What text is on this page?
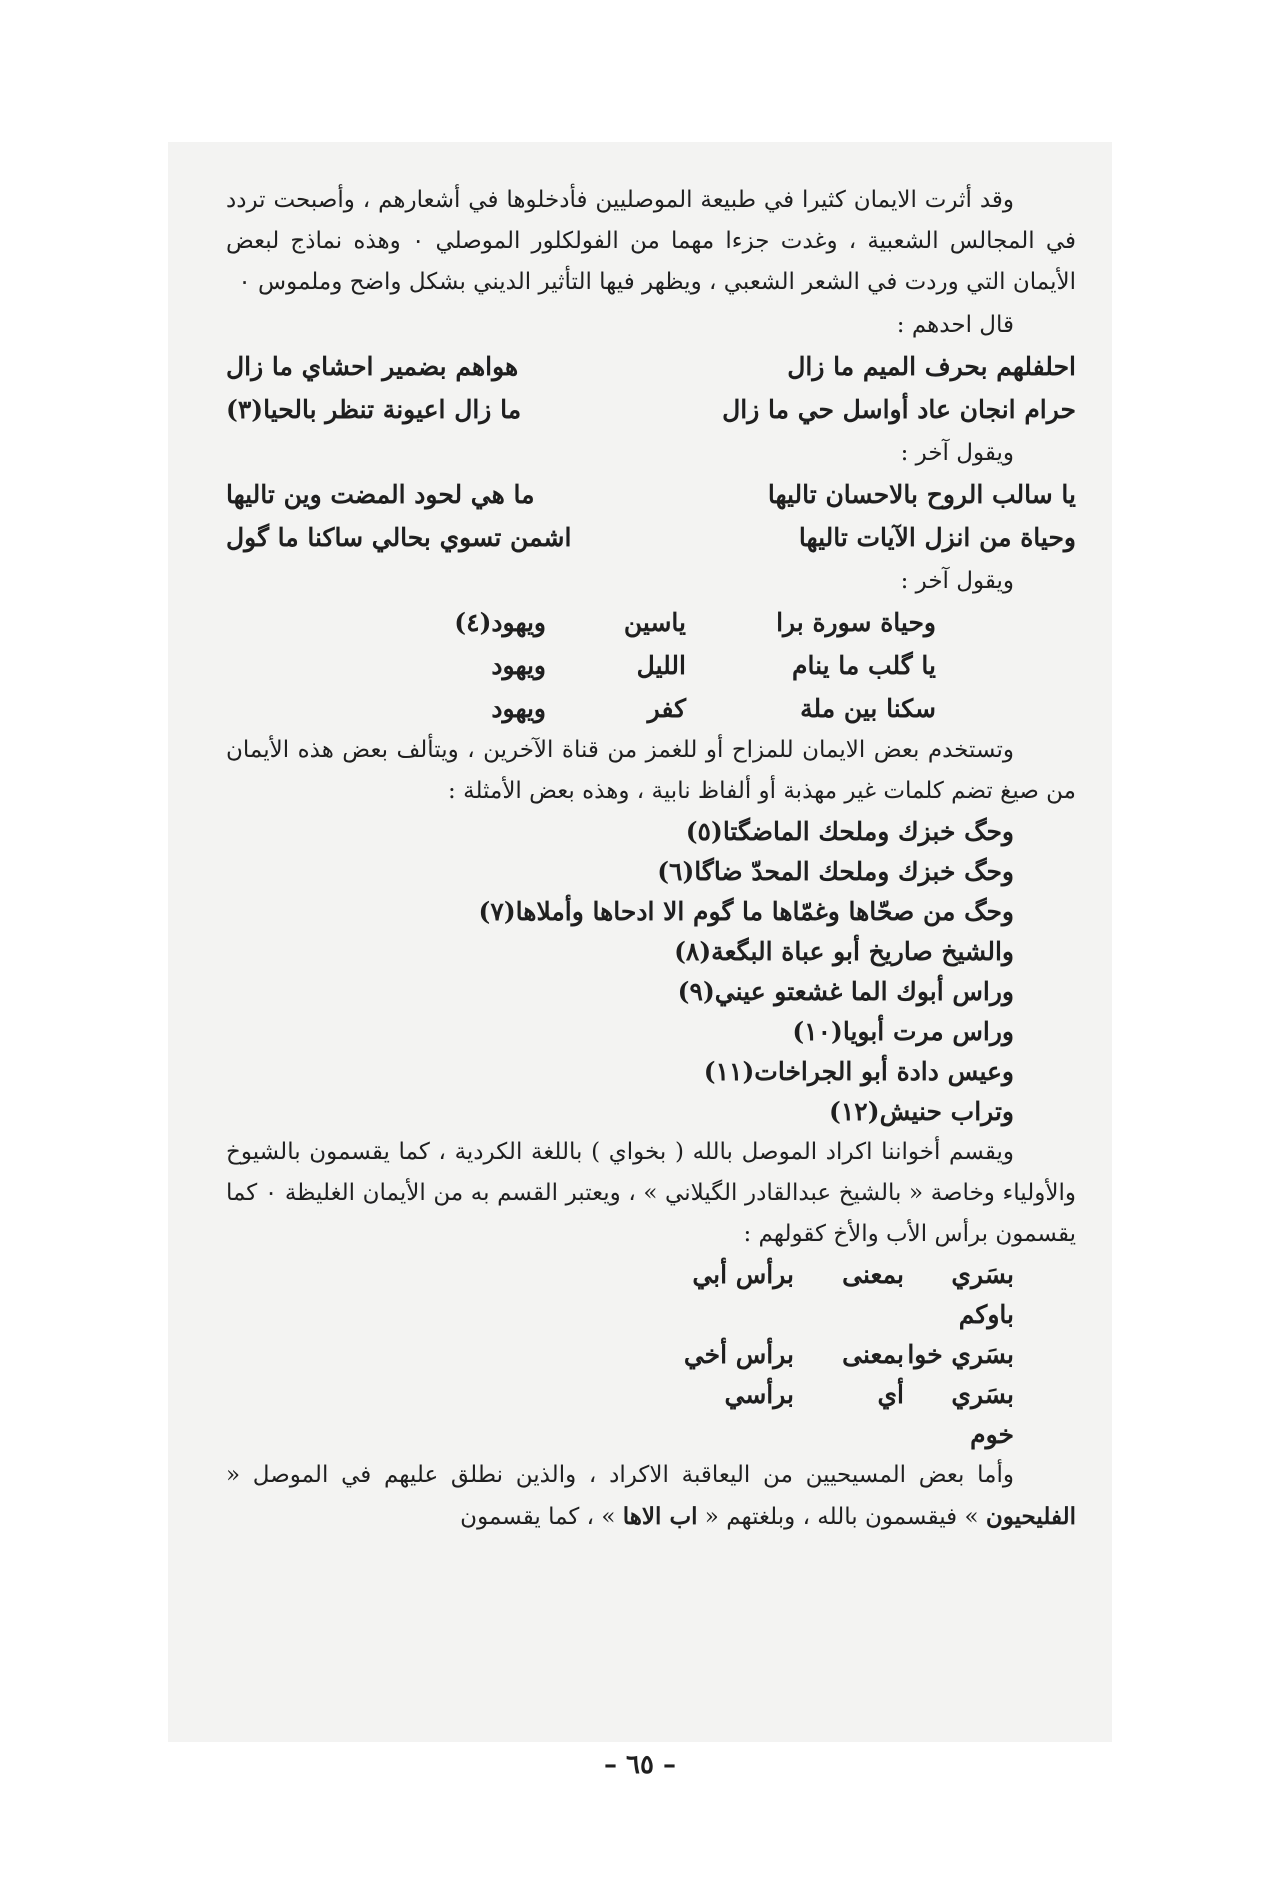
وقد أثرت الايمان كثيرا في طبيعة الموصليين فأدخلوها في أشعارهم ، وأصبحت تردد في المجالس الشعبية ، وغدت جزءا مهما من الفولكلور الموصلي ٠ وهذه نماذج لبعض الأيمان التي وردت في الشعر الشعبي ، ويظهر فيها التأثير الديني بشكل واضح وملموس ٠

قال احدهم :
احلفلهم بحرف الميم ما زال
هواهم بضمير احشاي ما زال
حرام انجان عاد أواسل حي ما زال
ما زال اعيونة تنظر بالحيا(٣)
ويقول آخر :
يا سالب الروح بالاحسان تاليها
ما هي لحود المضت وين تاليها
وحياة من انزل الآيات تاليها
اشمن تسوي بحالي ساكنا ما گول
ويقول آخر :
وحياة سورة برا
ياسين
ويهود(٤)
يا گلب ما ينام
الليل
ويهود
سكنا بين ملة
كفر
ويهود

وتستخدم بعض الايمان للمزاح أو للغمز من قناة الآخرين ، ويتألف بعض هذه الأيمان من صيغ تضم كلمات غير مهذبة أو ألفاظ نابية ، وهذه بعض الأمثلة :

وحگ خبزك وملحك الماضگتا(٥)
وحگ خبزك وملحك المحدّ ضاگا(٦)
وحگ من صحّاها وغمّاها ما گوم الا ادحاها وأملاها(٧)
والشيخ صاريخ أبو عباة البگعة(٨)
وراس أبوك الما غشعتو عيني(٩)
وراس مرت أبويا(١٠)
وعيس دادة أبو الجراخات(١١)
وتراب حنيش(١٢)

ويقسم أخواننا اكراد الموصل بالله ( بخواي ) باللغة الكردية ، كما يقسمون بالشيوخ والأولياء وخاصة « بالشيخ عبدالقادر الگيلاني » ، ويعتبر القسم به من الأيمان الغليظة ٠ كما يقسمون برأس الأب والأخ كقولهم :

بسَري باوكم
بمعنى
برأس أبي
بسَري خوا
بمعنى
برأس أخي
بسَري خوم
أي
برأسي

وأما بعض المسيحيين من اليعاقبة الاكراد ، والذين نطلق عليهم في الموصل « الفليحيون » فيقسمون بالله ، وبلغتهم « اب الاها » ، كما يقسمون

– ٦٥ –
